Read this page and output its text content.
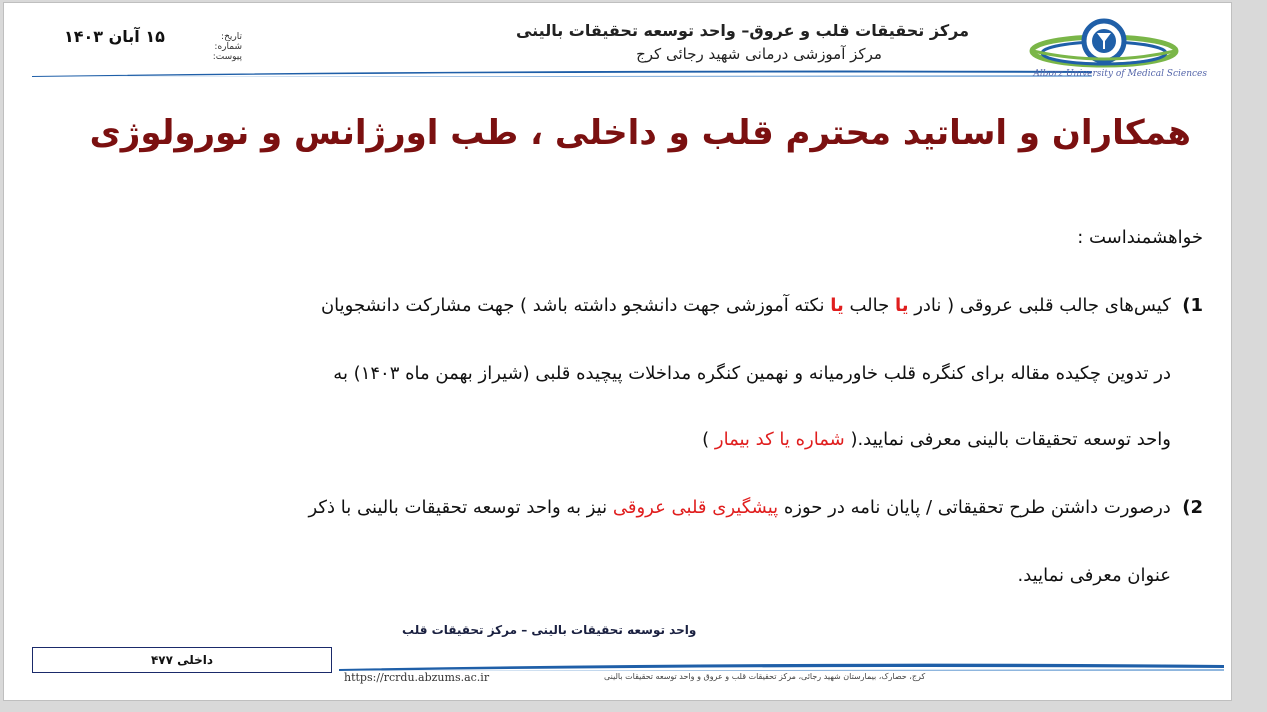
۱۵ آبان ۱۴۰۳	تاریخ:
شماره:
پیوست:
مرکز تحقیقات قلب و عروق– واحد توسعه تحقیقات بالینی
مرکز آموزشی درمانی شهید رجائی کرج
Alborz University of Medical Sciences
همکاران و اساتید محترم قلب و داخلی ، طب اورژانس و نورولوژی
خواهشمنداست :
1)  کیس‌های جالب قلبی عروقی ( نادر یا جالب یا نکته آموزشی جهت دانشجو داشته باشد ) جهت مشارکت دانشجویان
در تدوین چکیده مقاله برای کنگره قلب خاورمیانه و نهمین کنگره مداخلات پیچیده قلبی (شیراز بهمن ماه ۱۴۰۳) به
واحد توسعه تحقیقات بالینی معرفی نمایید.( شماره یا کد بیمار )
2)  درصورت داشتن طرح تحقیقاتی / پایان نامه در حوزه پیشگیری قلبی عروقی نیز به واحد توسعه تحقیقات بالینی با ذکر
عنوان معرفی نمایید.
واحد توسعه تحقیقات بالینی – مرکز تحقیقات قلب
داخلی ۴۷۷
https://rcrdu.abzums.ac.ir	کرج، حصارک، بیمارستان شهید رجائی، مرکز تحقیقات قلب و عروق و واحد توسعه تحقیقات بالینی
